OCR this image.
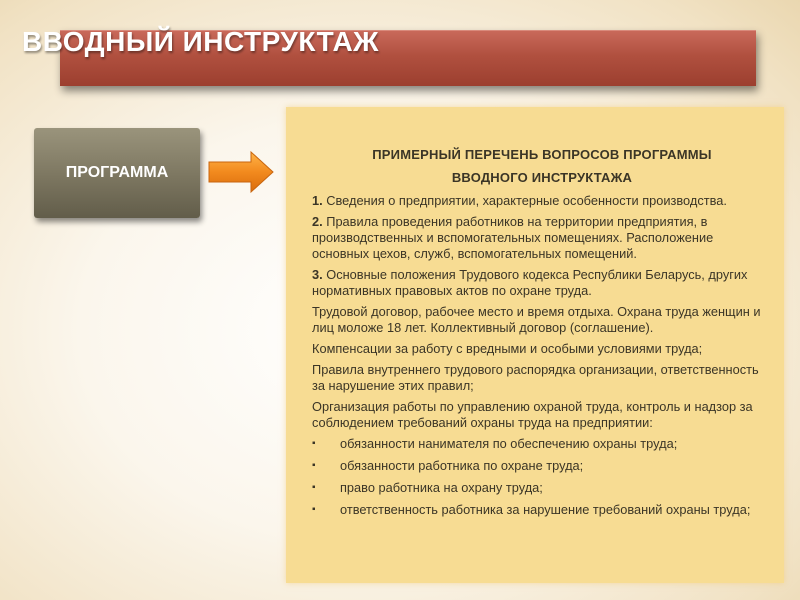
ВВОДНЫЙ ИНСТРУКТАЖ
ПРОГРАММА
ПРИМЕРНЫЙ ПЕРЕЧЕНЬ ВОПРОСОВ ПРОГРАММЫ
ВВОДНОГО ИНСТРУКТАЖА

1. Сведения о предприятии, характерные особенности производства.

2. Правила проведения работников на территории предприятия, в производственных и вспомогательных помещениях. Расположение основных цехов, служб, вспомогательных помещений.

3. Основные положения Трудового кодекса Республики Беларусь, других нормативных правовых актов по охране труда.

Трудовой договор, рабочее место и время отдыха. Охрана труда женщин и лиц моложе 18 лет. Коллективный договор (соглашение).

Компенсации за работу с вредными и особыми условиями труда;

Правила внутреннего трудового распорядка организации, ответственность за нарушение этих правил;

Организация работы по управлению охраной труда, контроль и надзор за соблюдением требований охраны труда на предприятии:

▪ обязанности нанимателя по обеспечению охраны труда;
▪ обязанности работника по охране труда;
▪ право работника на охрану труда;
▪ ответственность работника за нарушение требований охраны труда;
